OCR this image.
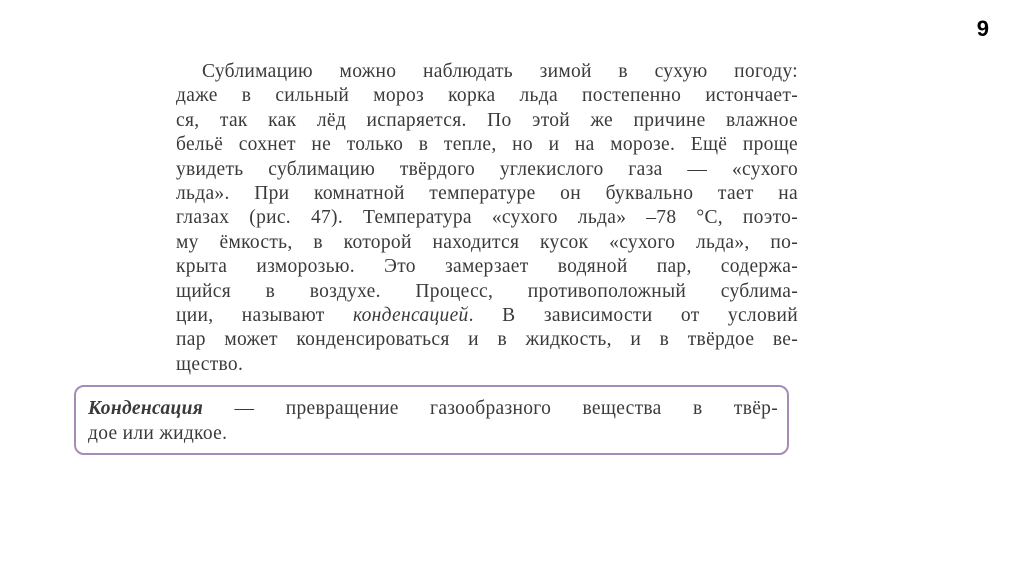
9
Сублимацию можно наблюдать зимой в сухую погоду:
даже в сильный мороз корка льда постепенно истончает-
ся, так как лёд испаряется. По этой же причине влажное
бельё сохнет не только в тепле, но и на морозе. Ещё проще
увидеть сублимацию твёрдого углекислого газа — «сухого
льда». При комнатной температуре он буквально тает на
глазах (рис. 47). Температура «сухого льда» –78 °С, поэто-
му ёмкость, в которой находится кусок «сухого льда», по-
крыта изморозью. Это замерзает водяной пар, содержа-
щийся в воздухе. Процесс, противоположный сублима-
ции, называют конденсацией. В зависимости от условий
пар может конденсироваться и в жидкость, и в твёрдое ве-
щество.
Конденсация — превращение газообразного вещества в твёр-
дое или жидкое.
